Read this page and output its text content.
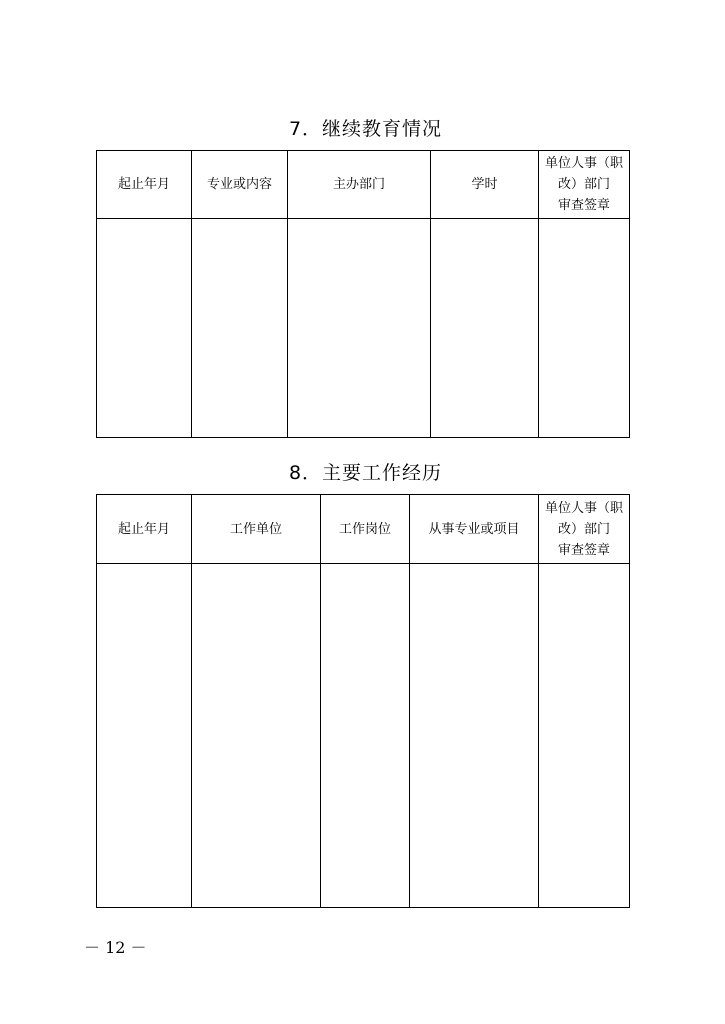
7．继续教育情况
起止年月	专业或内容	主办部门	学时	单位人事（职
改）部门
审查签章

8．主要工作经历
起止年月	工作单位	工作岗位	从事专业或项目	单位人事（职
改）部门
审查签章

－ 12 －
